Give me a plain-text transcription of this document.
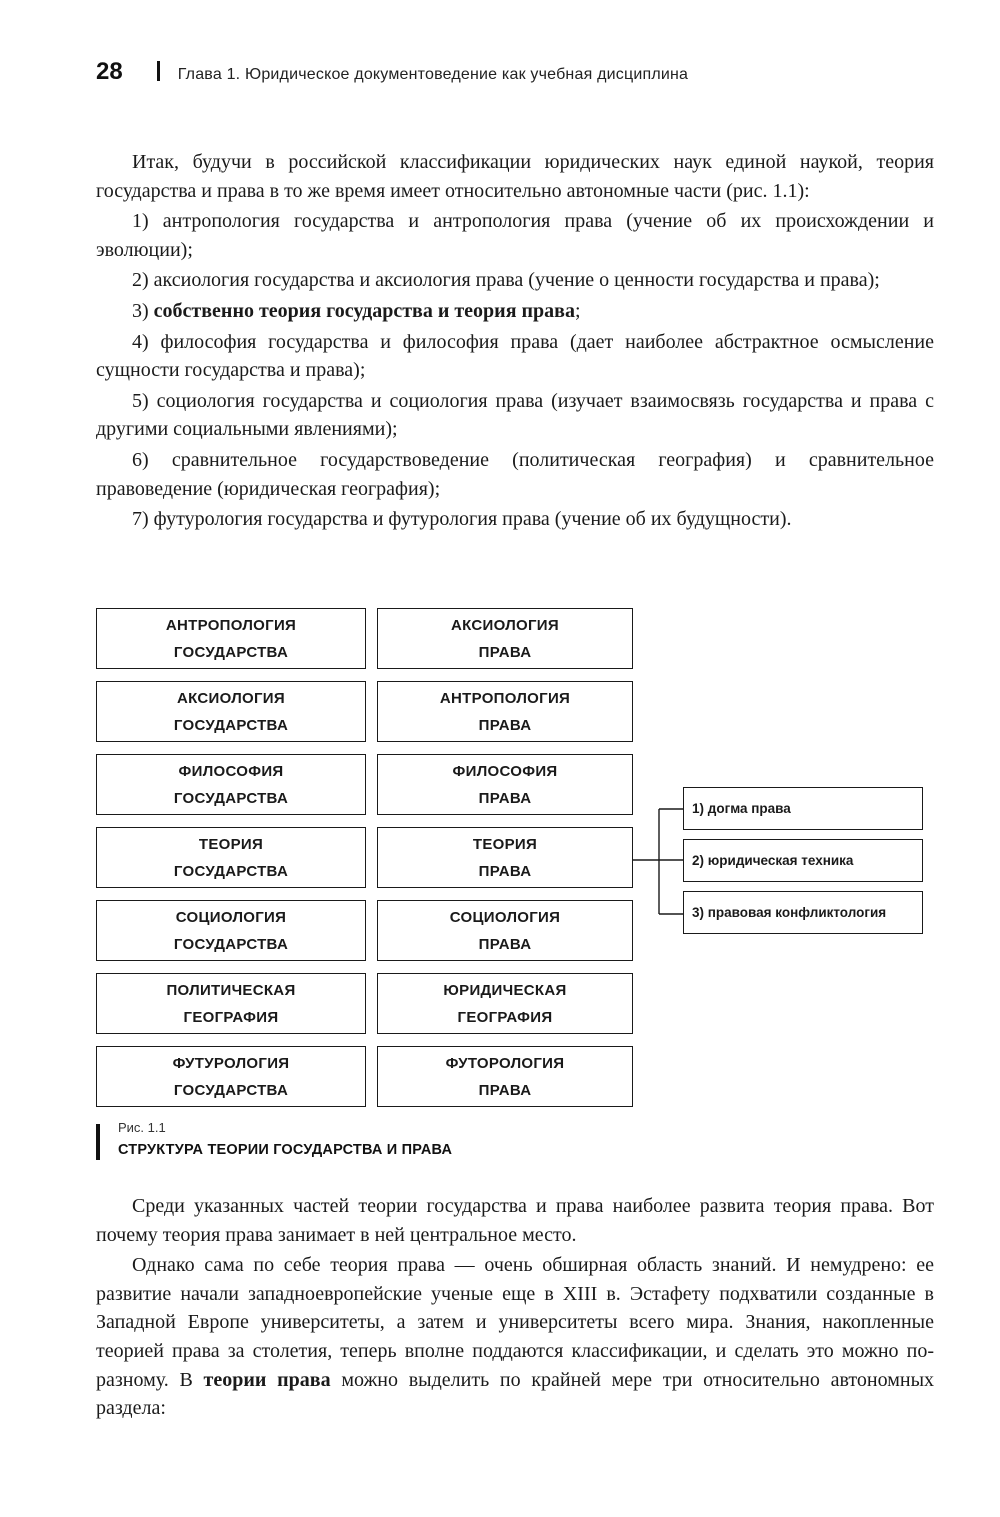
28	Глава 1. Юридическое документоведение как учебная дисциплина

Итак, будучи в российской классификации юридических наук единой наукой, теория государства и права в то же время имеет относительно автономные части (рис. 1.1):

1) антропология государства и антропология права (учение об их происхождении и эволюции);

2) аксиология государства и аксиология права (учение о ценности государства и права);

3) собственно теория государства и теория права;

4) философия государства и философия права (дает наиболее абстрактное осмысление сущности государства и права);

5) социология государства и социология права (изучает взаимосвязь государства и права с другими социальными явлениями);

6) сравнительное государствоведение (политическая география) и сравнительное правоведение (юридическая география);

7) футурология государства и футурология права (учение об их будущности).

АНТРОПОЛОГИЯ
ГОСУДАРСТВА
АКСИОЛОГИЯ
ГОСУДАРСТВА
ФИЛОСОФИЯ
ГОСУДАРСТВА
ТЕОРИЯ
ГОСУДАРСТВА
СОЦИОЛОГИЯ
ГОСУДАРСТВА
ПОЛИТИЧЕСКАЯ
ГЕОГРАФИЯ
ФУТУРОЛОГИЯ
ГОСУДАРСТВА
АКСИОЛОГИЯ
ПРАВА
АНТРОПОЛОГИЯ
ПРАВА
ФИЛОСОФИЯ
ПРАВА
ТЕОРИЯ
ПРАВА
СОЦИОЛОГИЯ
ПРАВА
ЮРИДИЧЕСКАЯ
ГЕОГРАФИЯ
ФУТОРОЛОГИЯ
ПРАВА
1) догма права
2) юридическая техника
3) правовая конфликтология
Рис. 1.1
СТРУКТУРА ТЕОРИИ ГОСУДАРСТВА И ПРАВА

Среди указанных частей теории государства и права наиболее развита теория права. Вот почему теория права занимает в ней центральное место.

Однако сама по себе теория права — очень обширная область знаний. И немудрено: ее развитие начали западноевропейские ученые еще в XIII в. Эстафету подхватили созданные в Западной Европе университеты, а затем и университеты всего мира. Знания, накопленные теорией права за столетия, теперь вполне поддаются классификации, и сделать это можно по-разному. В теории права можно выделить по крайней мере три относительно автономных раздела:
